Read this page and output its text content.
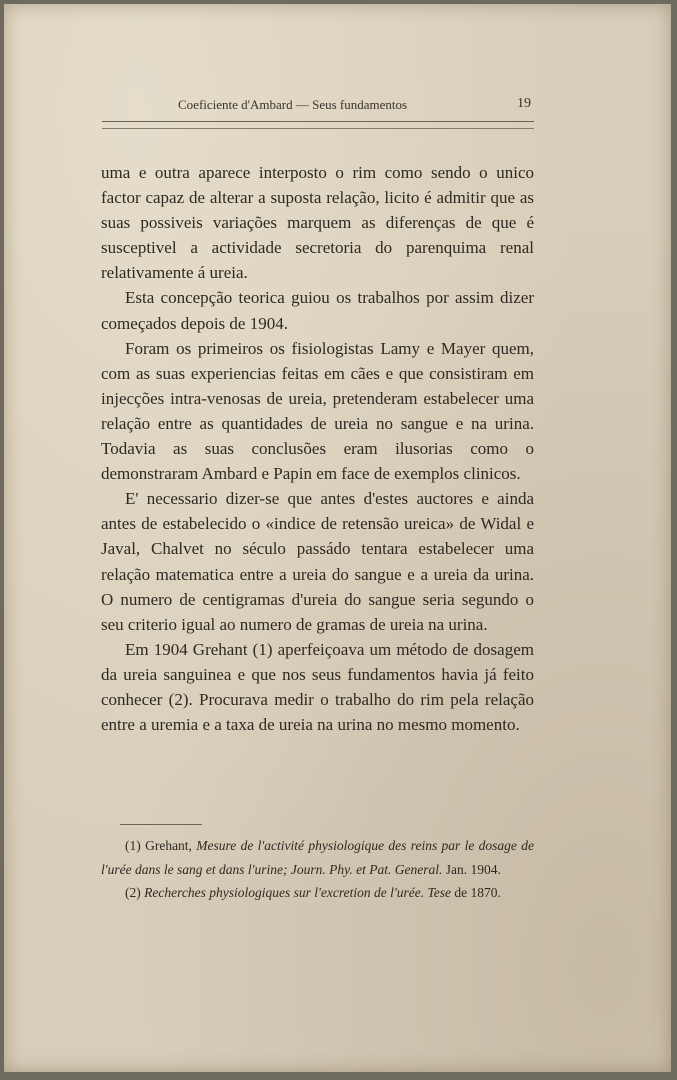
Coeficiente d'Ambard — Seus fundamentos	19

uma e outra aparece interposto o rim como sendo o unico factor capaz de alterar a suposta relação, licito é admitir que as suas possiveis variações marquem as diferenças de que é susceptivel a actividade secretoria do parenquima renal relativamente á ureia.

Esta concepção teorica guiou os trabalhos por assim dizer começados depois de 1904.

Foram os primeiros os fisiologistas Lamy e Mayer quem, com as suas experiencias feitas em cães e que consistiram em injecções intra-venosas de ureia, pretenderam estabelecer uma relação entre as quantidades de ureia no sangue e na urina. Todavia as suas conclusões eram ilusorias como o demonstraram Ambard e Papin em face de exemplos clinicos.

E' necessario dizer-se que antes d'estes auctores e ainda antes de estabelecido o «indice de retensão ureica» de Widal e Javal, Chalvet no século passádo tentara estabelecer uma relação matematica entre a ureia do sangue e a ureia da urina. O numero de centigramas d'ureia do sangue seria segundo o seu criterio igual ao numero de gramas de ureia na urina.

Em 1904 Grehant (1) aperfeiçoava um método de dosagem da ureia sanguinea e que nos seus fundamentos havia já feito conhecer (2). Procurava medir o trabalho do rim pela relação entre a uremia e a taxa de ureia na urina no mesmo momento.

(1) Grehant, Mesure de l'activité physiologique des reins par le dosage de l'urée dans le sang et dans l'urine; Journ. Phy. et Pat. General. Jan. 1904.

(2) Recherches physiologiques sur l'excretion de l'urée. Tese de 1870.
